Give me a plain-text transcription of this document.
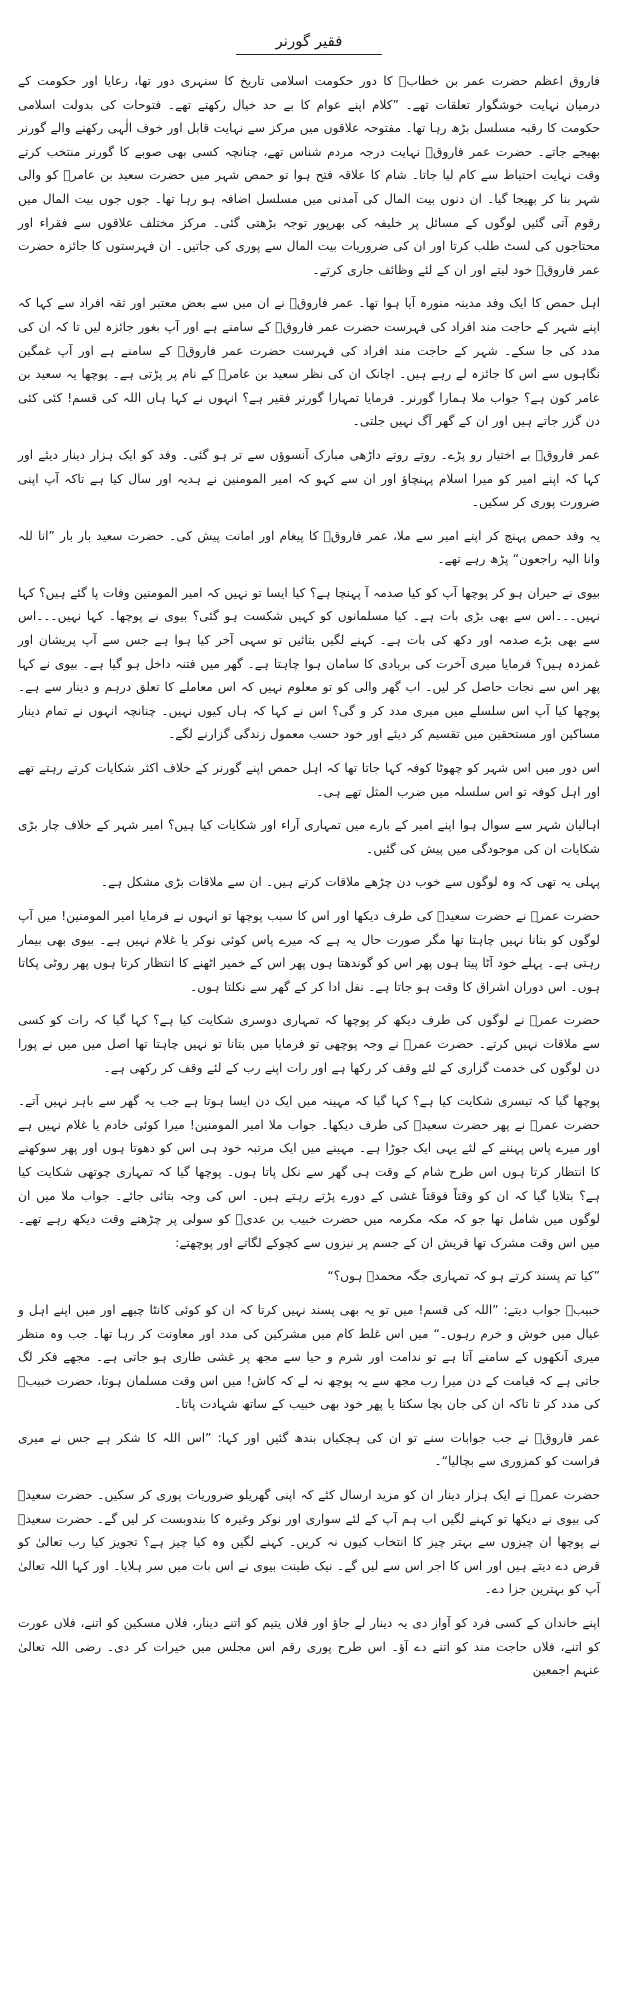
فقیر گورنر

فاروق اعظم حضرت عمر بن خطابؓ کا دور حکومت اسلامی تاریخ کا سنہری دور تھا، رعایا اور حکومت کے درمیان نہایت خوشگوار تعلقات تھے۔ ”کلام اپنے عوام کا بے حد خیال رکھتے تھے۔ فتوحات کی بدولت اسلامی حکومت کا رقبہ مسلسل بڑھ رہا تھا۔ مفتوحہ علاقوں میں مرکز سے نہایت قابل اور خوف الٰہی رکھنے والے گورنر بھیجے جاتے۔ حضرت عمر فاروقؓ نہایت درجہ مردم شناس تھے، چنانچہ کسی بھی صوبے کا گورنر منتخب کرتے وقت نہایت احتیاط سے کام لیا جاتا۔ شام کا علاقہ فتح ہوا تو حمص شہر میں حضرت سعید بن عامرؓ کو والی شہر بنا کر بھیجا گیا۔ ان دنوں بیت المال کی آمدنی میں مسلسل اضافہ ہو رہا تھا۔ جوں جوں بیت المال میں رقوم آتی گئیں لوگوں کے مسائل پر خلیفہ کی بھرپور توجہ بڑھتی گئی۔ مرکز مختلف علاقوں سے فقراء اور محتاجوں کی لسٹ طلب کرتا اور ان کی ضروریات بیت المال سے پوری کی جاتیں۔ ان فہرستوں کا جائزہ حضرت عمر فاروقؓ خود لیتے اور ان کے لئے وظائف جاری کرتے۔

اہل حمص کا ایک وفد مدینہ منورہ آیا ہوا تھا۔ عمر فاروقؓ نے ان میں سے بعض معتبر اور ثقہ افراد سے کہا کہ اپنے شہر کے حاجت مند افراد کی فہرست حضرت عمر فاروقؓ کے سامنے ہے اور آپ بغور جائزہ لیں تا کہ ان کی مدد کی جا سکے۔ شہر کے حاجت مند افراد کی فہرست حضرت عمر فاروقؓ کے سامنے ہے اور آپ غمگین نگاہوں سے اس کا جائزہ لے رہے ہیں۔ اچانک ان کی نظر سعید بن عامرؓ کے نام پر پڑتی ہے۔ پوچھا یہ سعید بن عامر کون ہے؟ جواب ملا ہمارا گورنر۔ فرمایا تمہارا گورنر فقیر ہے؟ انہوں نے کہا ہاں اللہ کی قسم! کئی کئی دن گزر جاتے ہیں اور ان کے گھر آگ نہیں جلتی۔

عمر فاروقؓ بے اختیار رو پڑے۔ روتے روتے داڑھی مبارک آنسوؤں سے تر ہو گئی۔ وفد کو ایک ہزار دینار دیئے اور کہا کہ اپنے امیر کو میرا اسلام پہنچاؤ اور ان سے کہو کہ امیر المومنین نے ہدیہ اور سال کیا ہے تاکہ آپ اپنی ضرورت پوری کر سکیں۔

یہ وفد حمص پہنچ کر اپنے امیر سے ملا، عمر فاروقؓ کا پیغام اور امانت پیش کی۔ حضرت سعید بار بار ”انا للہ وانا الیہ راجعون“ پڑھ رہے تھے۔

بیوی نے حیران ہو کر پوچھا آپ کو کیا صدمہ آ پہنچا ہے؟ کیا ایسا تو نہیں کہ امیر المومنین وفات پا گئے ہیں؟ کہا نہیں۔۔۔اس سے بھی بڑی بات ہے۔ کیا مسلمانوں کو کہیں شکست ہو گئی؟ بیوی نے پوچھا۔ کہا نہیں۔۔۔اس سے بھی بڑے صدمہ اور دکھ کی بات ہے۔ کہنے لگیں بتائیں تو سہی آخر کیا ہوا ہے جس سے آپ پریشان اور غمزدہ ہیں؟ فرمایا میری آخرت کی بربادی کا سامان ہوا چاہتا ہے۔ گھر میں فتنہ داخل ہو گیا ہے۔ بیوی نے کہا پھر اس سے نجات حاصل کر لیں۔ اب گھر والی کو تو معلوم نہیں کہ اس معاملے کا تعلق درہم و دینار سے ہے۔ پوچھا کیا آپ اس سلسلے میں میری مدد کر و گی؟ اس نے کہا کہ ہاں کیوں نہیں۔ چنانچہ انہوں نے تمام دینار مساکین اور مستحقین میں تقسیم کر دیئے اور خود حسب معمول زندگی گزارنے لگے۔

اس دور میں اس شہر کو چھوٹا کوفہ کہا جاتا تھا کہ اہل حمص اپنے گورنر کے خلاف اکثر شکایات کرتے رہتے تھے اور اہل کوفہ تو اس سلسلہ میں ضرب المثل تھے ہی۔

اہالیان شہر سے سوال ہوا اپنے امیر کے بارے میں تمہاری آراء اور شکایات کیا ہیں؟ امیر شہر کے خلاف چار بڑی شکایات ان کی موجودگی میں پیش کی گئیں۔

پہلی یہ تھی کہ وہ لوگوں سے خوب دن چڑھے ملاقات کرتے ہیں۔ ان سے ملاقات بڑی مشکل ہے۔

حضرت عمرؓ نے حضرت سعیدؓ کی طرف دیکھا اور اس کا سبب پوچھا تو انہوں نے فرمایا امیر المومنین! میں آپ لوگوں کو بتانا نہیں چاہتا تھا مگر صورت حال یہ ہے کہ میرے پاس کوئی نوکر یا غلام نہیں ہے۔ بیوی بھی بیمار رہتی ہے۔ پہلے خود آٹا پیتا ہوں پھر اس کو گوندھتا ہوں پھر اس کے خمیر اٹھنے کا انتظار کرتا ہوں پھر روٹی پکاتا ہوں۔ اس دوران اشراق کا وقت ہو جاتا ہے۔ نفل ادا کر کے گھر سے نکلتا ہوں۔

حضرت عمرؓ نے لوگوں کی طرف دیکھ کر پوچھا کہ تمہاری دوسری شکایت کیا ہے؟ کہا گیا کہ رات کو کسی سے ملاقات نہیں کرتے۔ حضرت عمرؓ نے وجہ پوچھی تو فرمایا میں بتانا تو نہیں چاہتا تھا اصل میں میں نے پورا دن لوگوں کی خدمت گزاری کے لئے وقف کر رکھا ہے اور رات اپنے رب کے لئے وقف کر رکھی ہے۔

پوچھا گیا کہ تیسری شکایت کیا ہے؟ کہا گیا کہ مہینہ میں ایک دن ایسا ہوتا ہے جب یہ گھر سے باہر نہیں آتے۔ حضرت عمرؓ نے پھر حضرت سعیدؓ کی طرف دیکھا۔ جواب ملا امیر المومنین! میرا کوئی خادم یا غلام نہیں ہے اور میرے پاس پہننے کے لئے یہی ایک جوڑا ہے۔ مہینے میں ایک مرتبہ خود ہی اس کو دھوتا ہوں اور پھر سوکھنے کا انتظار کرتا ہوں اس طرح شام کے وقت ہی گھر سے نکل پاتا ہوں۔ پوچھا گیا کہ تمہاری چوتھی شکایت کیا ہے؟ بتلایا گیا کہ ان کو وقتاً فوقتاً غشی کے دورے پڑتے رہتے ہیں۔ اس کی وجہ بتائی جائے۔ جواب ملا میں ان لوگوں میں شامل تھا جو کہ مکہ مکرمہ میں حضرت خبیب بن عدیؓ کو سولی پر چڑھتے وقت دیکھ رہے تھے۔ میں اس وقت مشرک تھا قریش ان کے جسم پر نیزوں سے کچوکے لگاتے اور پوچھتے:

”کیا تم پسند کرتے ہو کہ تمہاری جگہ محمدؐ ہوں؟“

خبیبؓ جواب دیتے: ”اللہ کی قسم! میں تو یہ بھی پسند نہیں کرتا کہ ان کو کوئی کانٹا چبھے اور میں اپنے اہل و عیال میں خوش و خرم رہوں۔“ میں اس غلط کام میں مشرکین کی مدد اور معاونت کر رہا تھا۔ جب وہ منظر میری آنکھوں کے سامنے آتا ہے تو ندامت اور شرم و حیا سے مجھ پر غشی طاری ہو جاتی ہے۔ مجھے فکر لگ جاتی ہے کہ قیامت کے دن میرا رب مجھ سے یہ پوچھ نہ لے کہ کاش! میں اس وقت مسلمان ہوتا، حضرت خبیبؓ کی مدد کر تا تاکہ ان کی جان بچا سکتا یا پھر خود بھی خبیب کے ساتھ شہادت پاتا۔

عمر فاروقؓ نے جب جوابات سنے تو ان کی ہچکیاں بندھ گئیں اور کہا: ”اس اللہ کا شکر ہے جس نے میری فراست کو کمزوری سے بچالیا“۔

حضرت عمرؓ نے ایک ہزار دینار ان کو مزید ارسال کئے کہ اپنی گھریلو ضروریات پوری کر سکیں۔ حضرت سعیدؓ کی بیوی نے دیکھا تو کہنے لگیں اب ہم آپ کے لئے سواری اور نوکر وغیرہ کا بندوبست کر لیں گے۔ حضرت سعیدؓ نے پوچھا ان چیزوں سے بہتر چیز کا انتخاب کیوں نہ کریں۔ کہنے لگیں وہ کیا چیز ہے؟ تجویز کیا رب تعالیٰ کو قرض دے دیتے ہیں اور اس کا اجر اس سے لیں گے۔ نیک طینت بیوی نے اس بات میں سر ہلایا۔ اور کہا اللہ تعالیٰ آپ کو بہترین جزا دے۔

اپنے خاندان کے کسی فرد کو آواز دی یہ دینار لے جاؤ اور فلاں یتیم کو اتنے دینار، فلاں مسکین کو اتنے، فلاں عورت کو اتنے، فلاں حاجت مند کو اتنے دے آؤ۔ اس طرح پوری رقم اس مجلس میں خیرات کر دی۔ رضی اللہ تعالیٰ عنہم اجمعین
